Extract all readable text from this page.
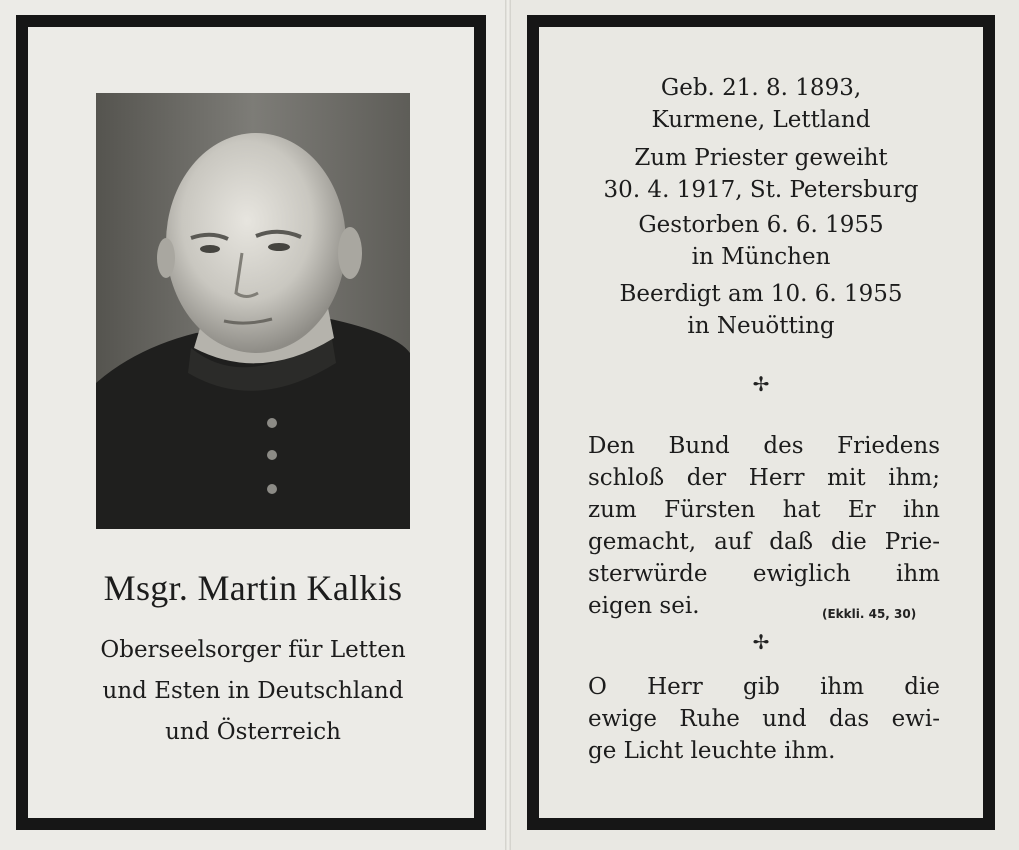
Msgr. Martin Kalkis
Oberseelsorger für Letten
und Esten in Deutschland
und Österreich
Geb. 21. 8. 1893,
Kurmene, Lettland
Zum Priester geweiht
30. 4. 1917, St. Petersburg
Gestorben 6. 6. 1955
in München
Beerdigt am 10. 6. 1955
in Neuötting
✢
Den Bund des Friedens
schloß der Herr mit ihm;
zum Fürsten hat Er ihn
gemacht, auf daß die Prie-
sterwürde ewiglich ihm
eigen sei.	(Ekkli. 45, 30)
✢
O Herr gib ihm die
ewige Ruhe und das ewi-
ge Licht leuchte ihm.
